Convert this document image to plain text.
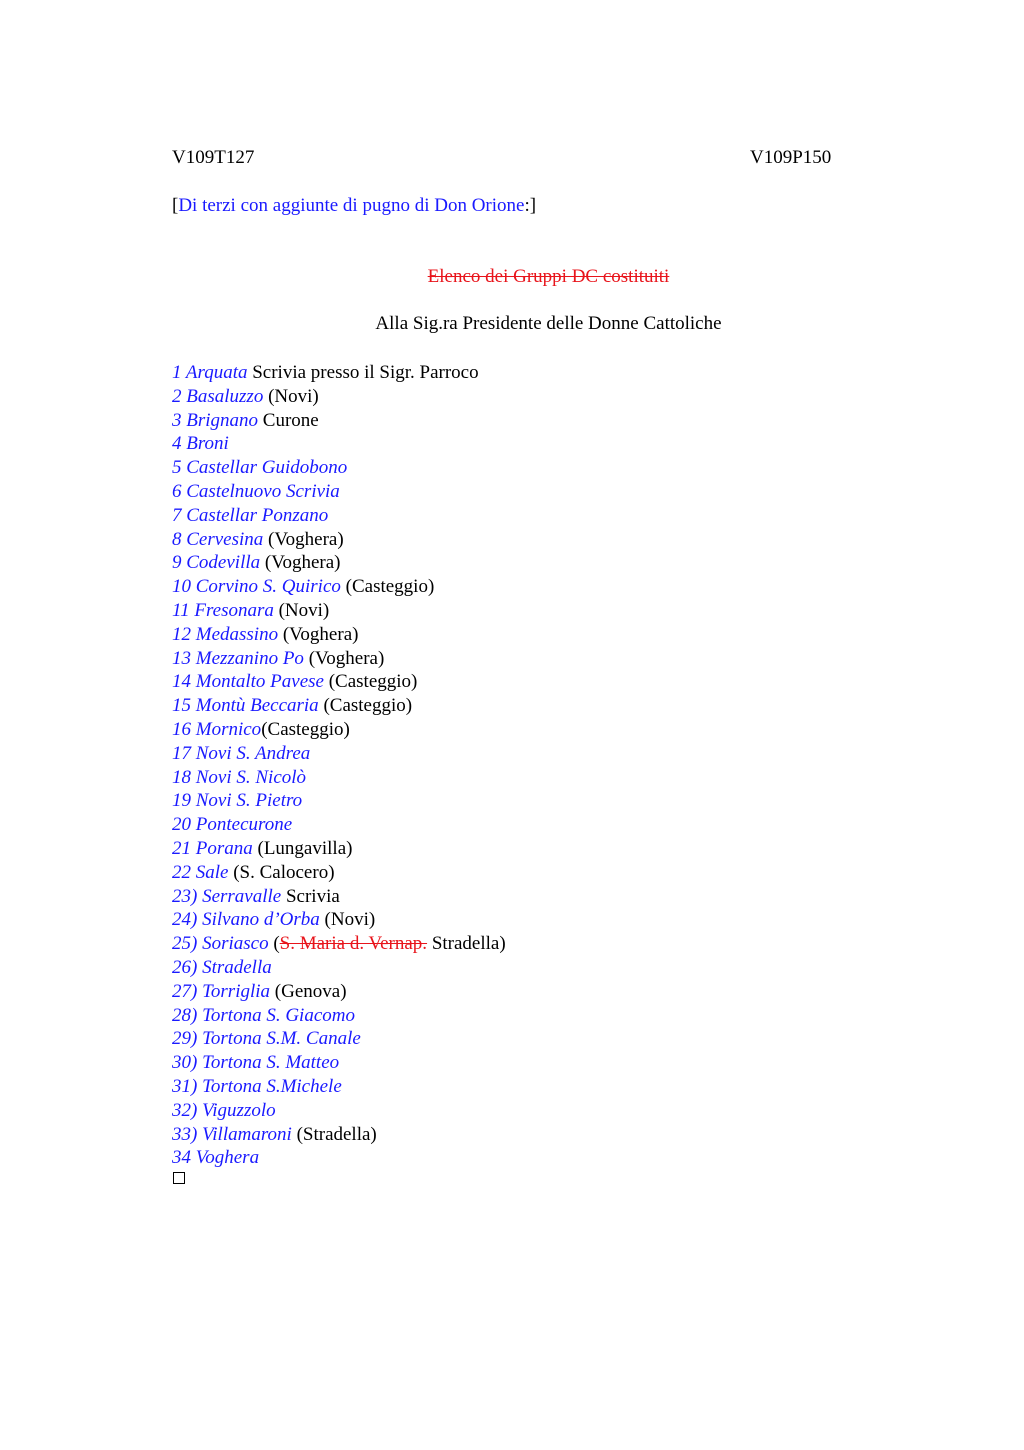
V109T127	V109P150
[Di terzi con aggiunte di pugno di Don Orione:]
Elenco dei Gruppi DC costituiti
Alla Sig.ra Presidente delle Donne Cattoliche
1 Arquata Scrivia presso il Sigr. Parroco
2 Basaluzzo (Novi)
3 Brignano Curone
4 Broni
5 Castellar Guidobono
6 Castelnuovo Scrivia
7 Castellar Ponzano
8 Cervesina (Voghera)
9 Codevilla (Voghera)
10 Corvino S. Quirico (Casteggio)
11 Fresonara (Novi)
12 Medassino (Voghera)
13 Mezzanino Po (Voghera)
14 Montalto Pavese (Casteggio)
15 Montù Beccaria (Casteggio)
16 Mornico(Casteggio)
17 Novi S. Andrea
18 Novi S. Nicolò
19 Novi S. Pietro
20 Pontecurone
21 Porana (Lungavilla)
22 Sale (S. Calocero)
23) Serravalle Scrivia
24) Silvano d’Orba (Novi)
25) Soriasco (S. Maria d. Vernap. Stradella)
26) Stradella
27) Torriglia (Genova)
28) Tortona S. Giacomo
29) Tortona S.M. Canale
30) Tortona S. Matteo
31) Tortona S.Michele
32) Viguzzolo
33) Villamaroni (Stradella)
34 Voghera
